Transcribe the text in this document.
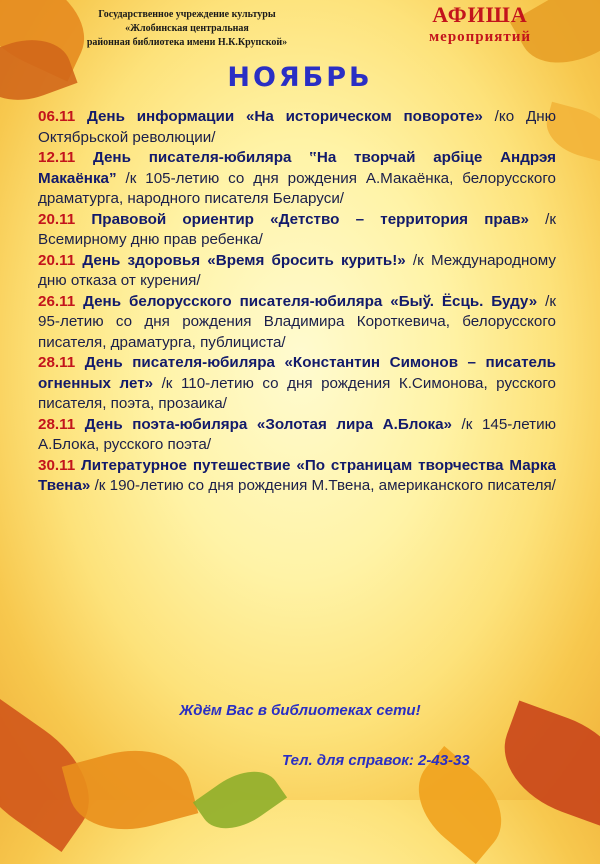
Государственное учреждение культуры
«Жлобинская центральная
районная библиотека имени Н.К.Крупской»
АФИША
мероприятий
НОЯБРЬ

06.11 День информации «На историческом повороте» /ко Дню Октябрьской революции/

12.11 День писателя-юбиляра ‟На творчай арбіце Андрэя Макаёнка” /к 105-летию со дня рождения А.Макаёнка, белорусского драматурга, народного писателя Беларуси/

20.11 Правовой ориентир «Детство – территория прав» /к Всемирному дню прав ребенка/

20.11 День здоровья «Время бросить курить!» /к Международному дню отказа от курения/

26.11 День белорусского писателя-юбиляра «Быў. Ёсць. Буду» /к 95-летию со дня рождения Владимира Короткевича, белорусского писателя, драматурга, публициста/

28.11 День писателя-юбиляра «Константин Симонов – писатель огненных лет» /к 110-летию со дня рождения К.Симонова, русского писателя, поэта, прозаика/

28.11 День поэта-юбиляра «Золотая лира А.Блока» /к 145-летию А.Блока, русского поэта/

30.11 Литературное путешествие «По страницам творчества Марка Твена» /к 190-летию со дня рождения М.Твена, американского писателя/

Ждём Вас в библиотеках сети!
Тел. для справок: 2-43-33
